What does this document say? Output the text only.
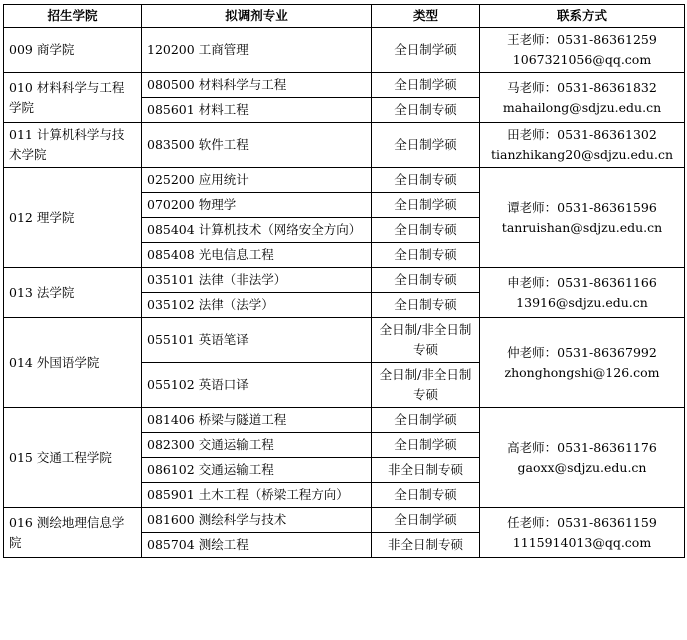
招生学院	拟调剂专业	类型	联系方式
009 商学院	120200 工商管理	全日制学硕	王老师：0531-86361259
1067321056@qq.com

010 材料科学与工程学院	080500 材料科学与工程	全日制学硕	马老师：0531-86361832
mahailong@sdjzu.edu.cn

	085601 材料工程	全日制专硕	
011 计算机科学与技术学院	083500 软件工程	全日制学硕	田老师：0531-86361302
tianzhikang20@sdjzu.edu.cn

012 理学院	025200 应用统计	全日制专硕	谭老师：0531-86361596
tanruishan@sdjzu.edu.cn

	070200 物理学	全日制学硕	
	085404 计算机技术（网络安全方向）	全日制专硕	
	085408 光电信息工程	全日制专硕	
013 法学院	035101 法律（非法学）	全日制专硕	申老师：0531-86361166
13916@sdjzu.edu.cn

	035102 法律（法学）	全日制专硕	
014 外国语学院	055101 英语笔译	全日制/非全日制专硕	仲老师：0531-86367992
zhonghongshi@126.com

	055102 英语口译	全日制/非全日制专硕	
015 交通工程学院	081406 桥梁与隧道工程	全日制学硕	高老师：0531-86361176
gaoxx@sdjzu.edu.cn

	082300 交通运输工程	全日制学硕	
	086102 交通运输工程	非全日制专硕	
	085901 土木工程（桥梁工程方向）	全日制专硕	
016 测绘地理信息学院	081600 测绘科学与技术	全日制学硕	任老师：0531-86361159
1115914013@qq.com

	085704 测绘工程	非全日制专硕	
